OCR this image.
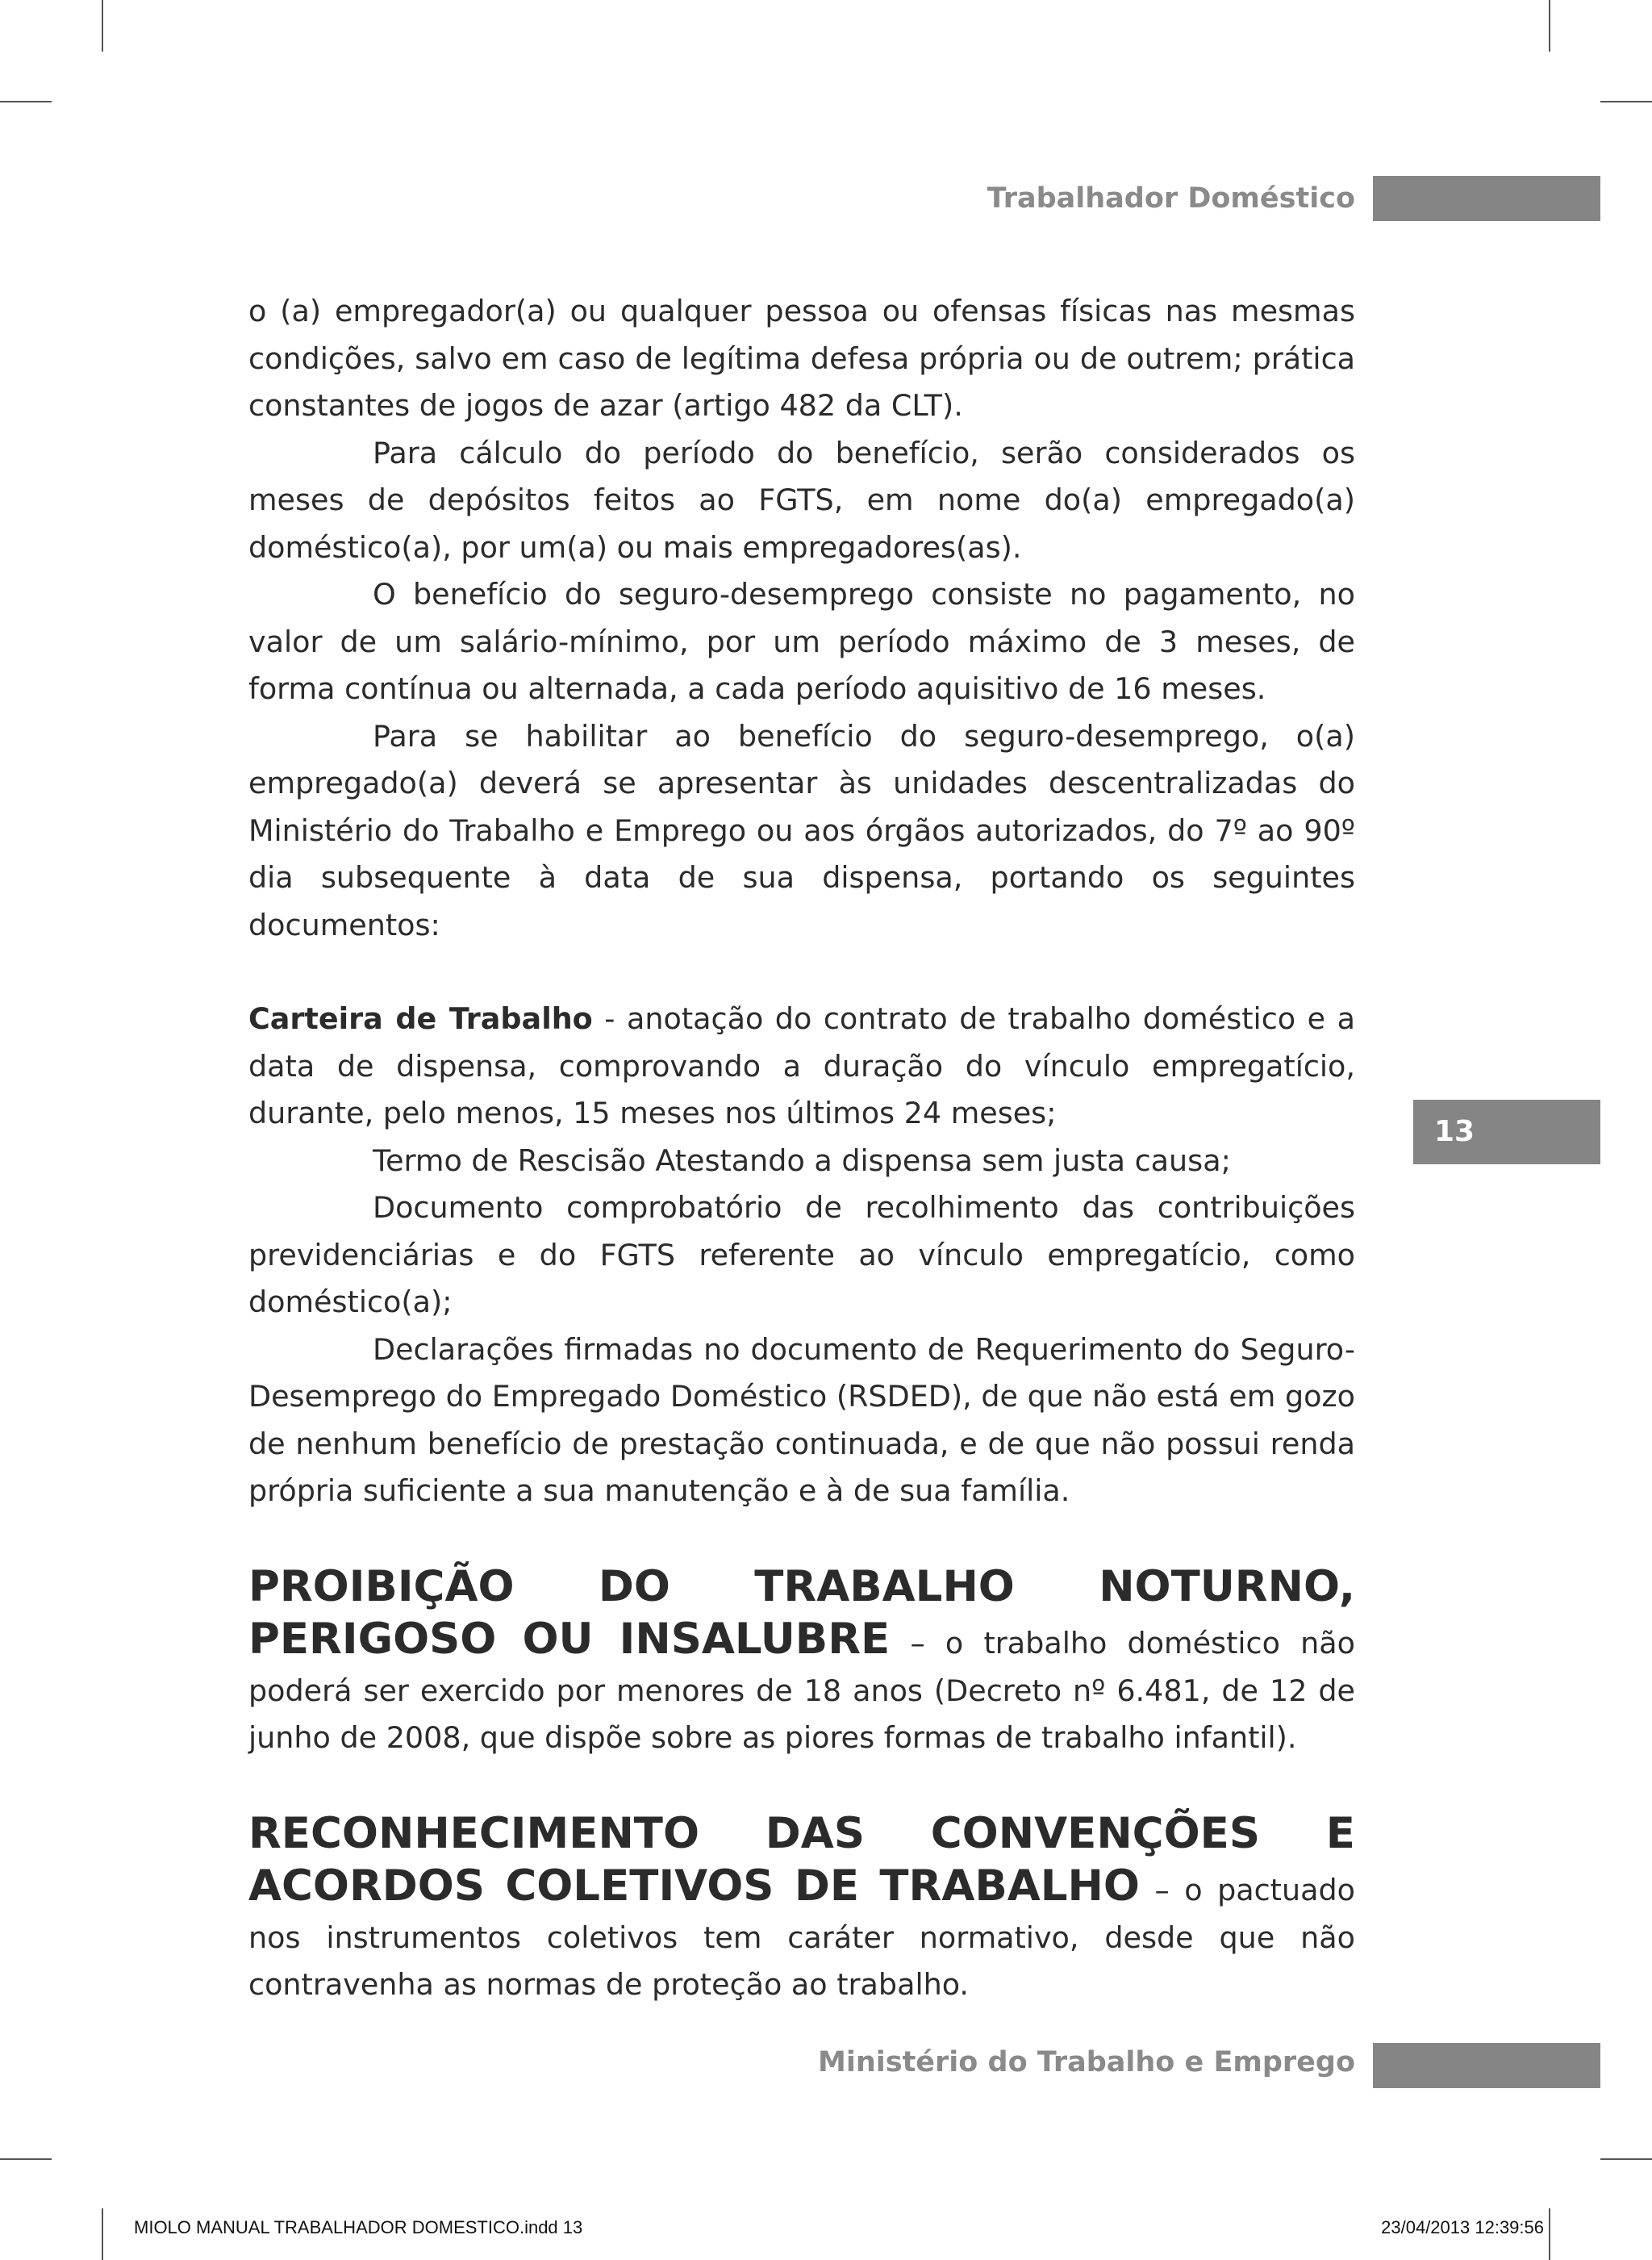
Trabalhador Doméstico
13

o (a) empregador(a) ou qualquer pessoa ou ofensas físicas nas mesmas condições, salvo em caso de legítima defesa própria ou de outrem; prática constantes de jogos de azar (artigo 482 da CLT).

Para cálculo do período do benefício, serão considerados os meses de depósitos feitos ao FGTS, em nome do(a) empregado(a) doméstico(a), por um(a) ou mais empregadores(as).

O benefício do seguro-desemprego consiste no pagamento, no valor de um salário-mínimo, por um período máximo de 3 meses, de forma contínua ou alternada, a cada período aquisitivo de 16 meses.

Para se habilitar ao benefício do seguro-desemprego, o(a) empregado(a) deverá se apresentar às unidades descentralizadas do Ministério do Trabalho e Emprego ou aos órgãos autorizados, do 7º ao 90º dia subsequente à data de sua dispensa, portando os seguintes documentos:

Carteira de Trabalho - anotação do contrato de trabalho doméstico e a data de dispensa, comprovando a duração do vínculo empregatício, durante, pelo menos, 15 meses nos últimos 24 meses;

Termo de Rescisão Atestando a dispensa sem justa causa;

Documento comprobatório de recolhimento das contribuições previdenciárias e do FGTS referente ao vínculo empregatício, como doméstico(a);

Declarações firmadas no documento de Requerimento do Seguro-Desemprego do Empregado Doméstico (RSDED), de que não está em gozo de nenhum benefício de prestação continuada, e de que não possui renda própria suficiente a sua manutenção e à de sua família.

PROIBIÇÃO DO TRABALHO NOTURNO, PERIGOSO OU INSALUBRE – o trabalho doméstico não poderá ser exercido por menores de 18 anos (Decreto nº 6.481, de 12 de junho de 2008, que dispõe sobre as piores formas de trabalho infantil).

RECONHECIMENTO DAS CONVENÇÕES E ACORDOS COLETIVOS DE TRABALHO – o pactuado nos instrumentos coletivos tem caráter normativo, desde que não contravenha as normas de proteção ao trabalho.

Ministério do Trabalho e Emprego
MIOLO MANUAL TRABALHADOR DOMESTICO.indd 13	23/04/2013 12:39:56
